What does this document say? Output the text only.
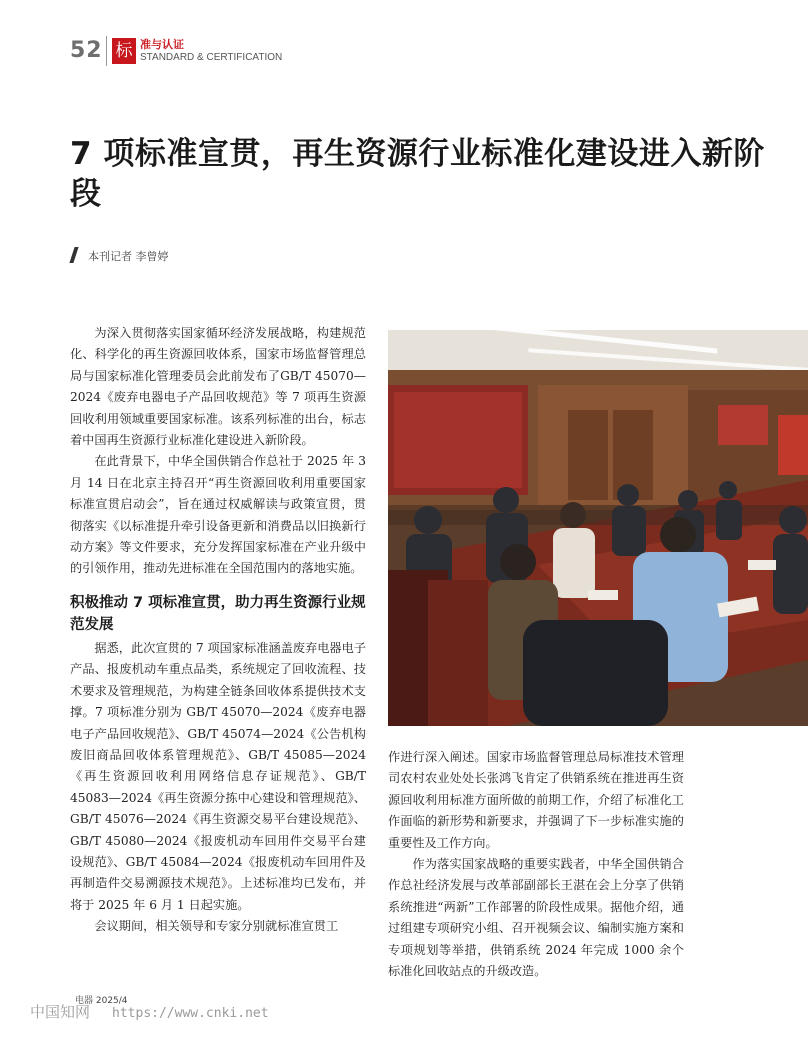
52 标 准与认证
STANDARD & CERTIFICATION
7 项标准宣贯，再生资源行业标准化建设进入新阶段
本刊记者 李曾婷

为深入贯彻落实国家循环经济发展战略，构建规范化、科学化的再生资源回收体系，国家市场监督管理总局与国家标准化管理委员会此前发布了GB/T 45070—2024《废弃电器电子产品回收规范》等 7 项再生资源回收利用领域重要国家标准。该系列标准的出台，标志着中国再生资源行业标准化建设进入新阶段。

在此背景下，中华全国供销合作总社于 2025 年 3 月 14 日在北京主持召开“再生资源回收利用重要国家标准宣贯启动会”，旨在通过权威解读与政策宣贯，贯彻落实《以标准提升牵引设备更新和消费品以旧换新行动方案》等文件要求，充分发挥国家标准在产业升级中的引领作用，推动先进标准在全国范围内的落地实施。

积极推动 7 项标准宣贯，助力再生资源行业规范发展

据悉，此次宣贯的 7 项国家标准涵盖废弃电器电子产品、报废机动车重点品类，系统规定了回收流程、技术要求及管理规范，为构建全链条回收体系提供技术支撑。7 项标准分别为 GB/T 45070—2024《废弃电器电子产品回收规范》、GB/T 45074—2024《公告机构废旧商品回收体系管理规范》、GB/T 45085—2024《再生资源回收利用网络信息存证规范》、GB/T 45083—2024《再生资源分拣中心建设和管理规范》、GB/T 45076—2024《再生资源交易平台建设规范》、GB/T 45080—2024《报废机动车回用件交易平台建设规范》、GB/T 45084—2024《报废机动车回用件及再制造件交易溯源技术规范》。上述标准均已发布，并将于 2025 年 6 月 1 日起实施。

会议期间，相关领导和专家分别就标准宣贯工

作进行深入阐述。国家市场监督管理总局标准技术管理司农村农业处处长张鸿飞肯定了供销系统在推进再生资源回收利用标准方面所做的前期工作，介绍了标准化工作面临的新形势和新要求，并强调了下一步标准实施的重要性及工作方向。

作为落实国家战略的重要实践者，中华全国供销合作总社经济发展与改革部副部长王湛在会上分享了供销系统推进“两新”工作部署的阶段性成果。据他介绍，通过组建专项研究小组、召开视频会议、编制实施方案和专项规划等举措，供销系统 2024 年完成 1000 余个标准化回收站点的升级改造。

电器 2025/4
中国知网 https://www.cnki.net
